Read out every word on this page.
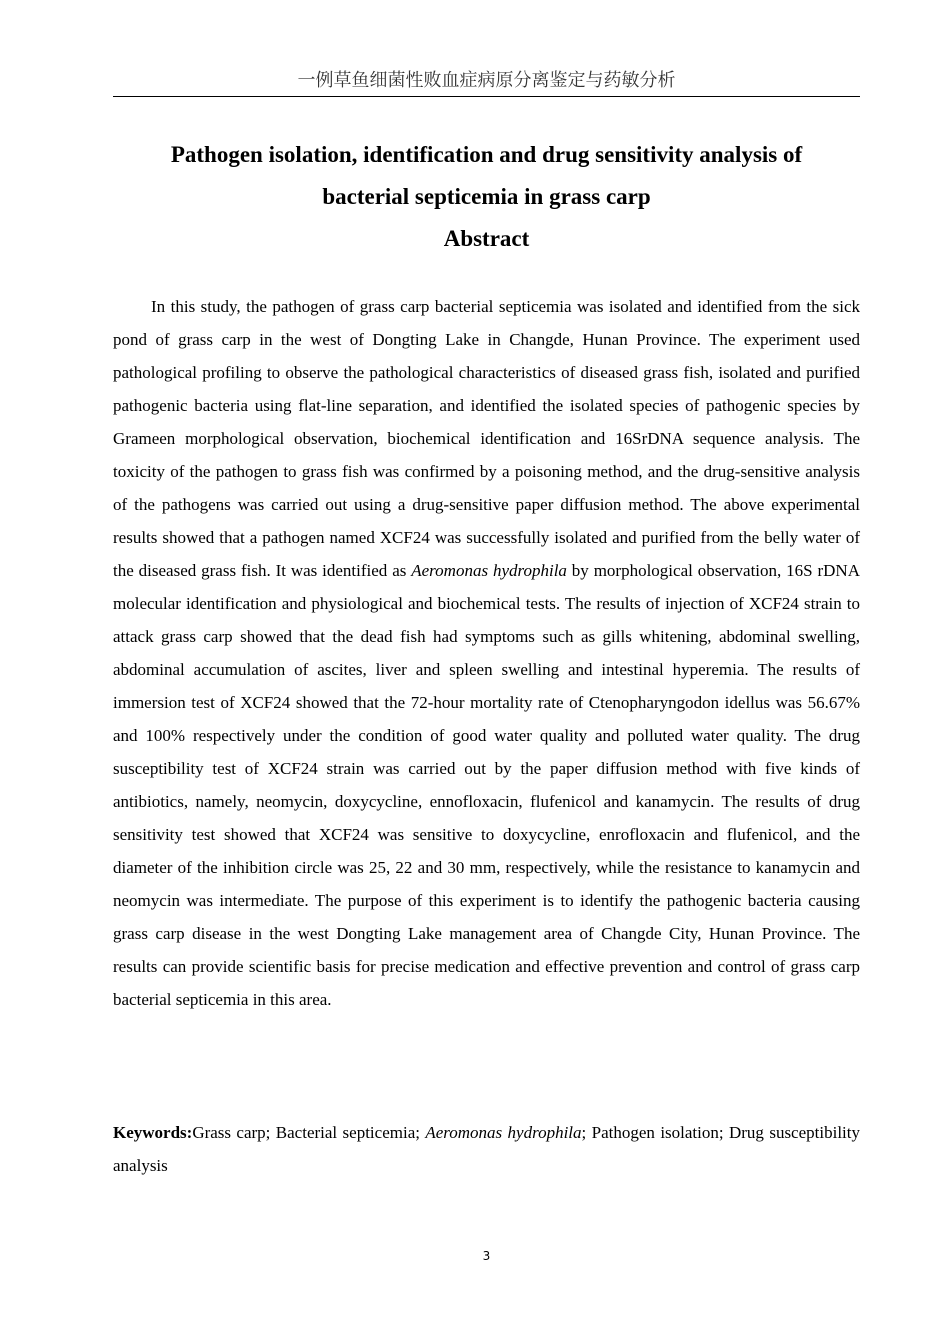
一例草鱼细菌性败血症病原分离鉴定与药敏分析
Pathogen isolation, identification and drug sensitivity analysis of
bacterial septicemia in grass carp
Abstract

In this study, the pathogen of grass carp bacterial septicemia was isolated and identified from the sick pond of grass carp in the west of Dongting Lake in Changde, Hunan Province. The experiment used pathological profiling to observe the pathological characteristics of diseased grass fish, isolated and purified pathogenic bacteria using flat-line separation, and identified the isolated species of pathogenic species by Grameen morphological observation, biochemical identification and 16SrDNA sequence analysis. The toxicity of the pathogen to grass fish was confirmed by a poisoning method, and the drug-sensitive analysis of the pathogens was carried out using a drug-sensitive paper diffusion method. The above experimental results showed that a pathogen named XCF24 was successfully isolated and purified from the belly water of the diseased grass fish. It was identified as Aeromonas hydrophila by morphological observation, 16S rDNA molecular identification and physiological and biochemical tests. The results of injection of XCF24 strain to attack grass carp showed that the dead fish had symptoms such as gills whitening, abdominal swelling, abdominal accumulation of ascites, liver and spleen swelling and intestinal hyperemia. The results of immersion test of XCF24 showed that the 72-hour mortality rate of Ctenopharyngodon idellus was 56.67% and 100% respectively under the condition of good water quality and polluted water quality. The drug susceptibility test of XCF24 strain was carried out by the paper diffusion method with five kinds of antibiotics, namely, neomycin, doxycycline, ennofloxacin, flufenicol and kanamycin. The results of drug sensitivity test showed that XCF24 was sensitive to doxycycline, enrofloxacin and flufenicol, and the diameter of the inhibition circle was 25, 22 and 30 mm, respectively, while the resistance to kanamycin and neomycin was intermediate. The purpose of this experiment is to identify the pathogenic bacteria causing grass carp disease in the west Dongting Lake management area of Changde City, Hunan Province. The results can provide scientific basis for precise medication and effective prevention and control of grass carp bacterial septicemia in this area.

Keywords:Grass carp; Bacterial septicemia; Aeromonas hydrophila; Pathogen isolation; Drug susceptibility analysis

3
